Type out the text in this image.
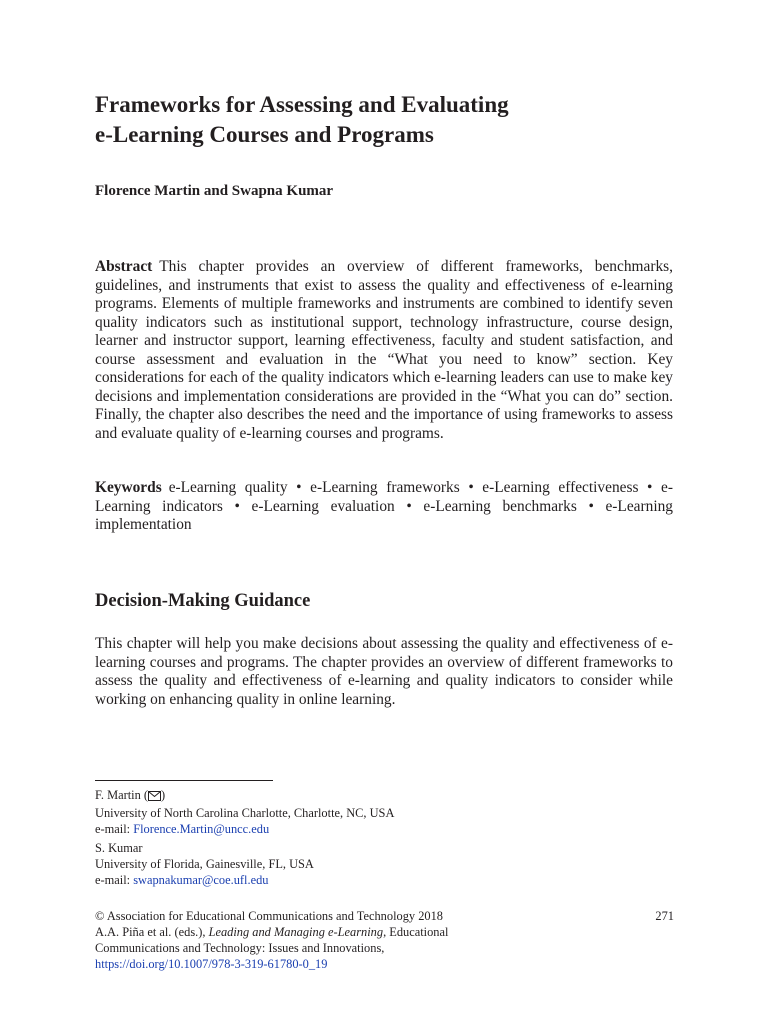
Frameworks for Assessing and Evaluating
e-Learning Courses and Programs
Florence Martin and Swapna Kumar
Abstract This chapter provides an overview of different frameworks, benchmarks, guidelines, and instruments that exist to assess the quality and effectiveness of e-learning programs. Elements of multiple frameworks and instruments are combined to identify seven quality indicators such as institutional support, technology infrastructure, course design, learner and instructor support, learning effectiveness, faculty and student satisfaction, and course assessment and evaluation in the “What you need to know” section. Key considerations for each of the quality indicators which e-learning leaders can use to make key decisions and implementation considerations are provided in the “What you can do” section. Finally, the chapter also describes the need and the importance of using frameworks to assess and evaluate quality of e-learning courses and programs.
Keywords e-Learning quality • e-Learning frameworks • e-Learning effectiveness • e-Learning indicators • e-Learning evaluation • e-Learning benchmarks • e-Learning implementation
Decision-Making Guidance
This chapter will help you make decisions about assessing the quality and effectiveness of e-learning courses and programs. The chapter provides an overview of different frameworks to assess the quality and effectiveness of e-learning and quality indicators to consider while working on enhancing quality in online learning.
F. Martin ( )
University of North Carolina Charlotte, Charlotte, NC, USA
e-mail: Florence.Martin@uncc.edu
S. Kumar
University of Florida, Gainesville, FL, USA
e-mail: swapnakumar@coe.ufl.edu
© Association for Educational Communications and Technology 2018
A.A. Piña et al. (eds.), Leading and Managing e-Learning, Educational
Communications and Technology: Issues and Innovations,
https://doi.org/10.1007/978-3-319-61780-0_19
271
